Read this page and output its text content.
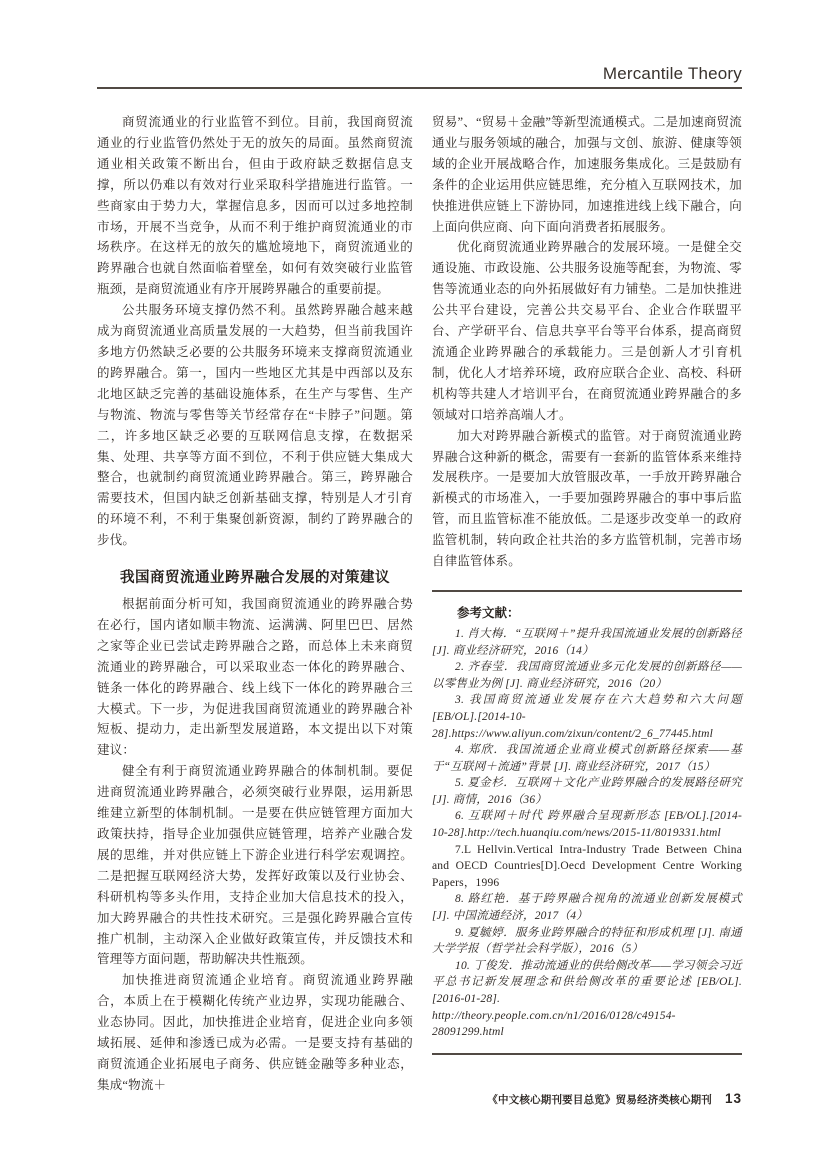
Mercantile Theory

商贸流通业的行业监管不到位。目前，我国商贸流通业的行业监管仍然处于无的放矢的局面。虽然商贸流通业相关政策不断出台，但由于政府缺乏数据信息支撑，所以仍难以有效对行业采取科学措施进行监管。一些商家由于势力大，掌握信息多，因而可以过多地控制市场，开展不当竞争，从而不利于维护商贸流通业的市场秩序。在这样无的放矢的尴尬境地下，商贸流通业的跨界融合也就自然面临着壁垒，如何有效突破行业监管瓶颈，是商贸流通业有序开展跨界融合的重要前提。

公共服务环境支撑仍然不利。虽然跨界融合越来越成为商贸流通业高质量发展的一大趋势，但当前我国许多地方仍然缺乏必要的公共服务环境来支撑商贸流通业的跨界融合。第一，国内一些地区尤其是中西部以及东北地区缺乏完善的基础设施体系，在生产与零售、生产与物流、物流与零售等关节经常存在“卡脖子”问题。第二，许多地区缺乏必要的互联网信息支撑，在数据采集、处理、共享等方面不到位，不利于供应链大集成大整合，也就制约商贸流通业跨界融合。第三，跨界融合需要技术，但国内缺乏创新基础支撑，特别是人才引育的环境不利，不利于集聚创新资源，制约了跨界融合的步伐。

我国商贸流通业跨界融合发展的对策建议

根据前面分析可知，我国商贸流通业的跨界融合势在必行，国内诸如顺丰物流、运满满、阿里巴巴、居然之家等企业已尝试走跨界融合之路，而总体上未来商贸流通业的跨界融合，可以采取业态一体化的跨界融合、链条一体化的跨界融合、线上线下一体化的跨界融合三大模式。下一步，为促进我国商贸流通业的跨界融合补短板、提动力，走出新型发展道路，本文提出以下对策建议：

健全有利于商贸流通业跨界融合的体制机制。要促进商贸流通业跨界融合，必须突破行业界限，运用新思维建立新型的体制机制。一是要在供应链管理方面加大政策扶持，指导企业加强供应链管理，培养产业融合发展的思维，并对供应链上下游企业进行科学宏观调控。二是把握互联网经济大势，发挥好政策以及行业协会、科研机构等多头作用，支持企业加大信息技术的投入，加大跨界融合的共性技术研究。三是强化跨界融合宣传推广机制，主动深入企业做好政策宣传，并反馈技术和管理等方面问题，帮助解决共性瓶颈。

加快推进商贸流通企业培育。商贸流通业跨界融合，本质上在于模糊化传统产业边界，实现功能融合、业态协同。因此，加快推进企业培育，促进企业向多领域拓展、延伸和渗透已成为必需。一是要支持有基础的商贸流通企业拓展电子商务、供应链金融等多种业态，集成“物流＋

贸易”、“贸易＋金融”等新型流通模式。二是加速商贸流通业与服务领域的融合，加强与文创、旅游、健康等领域的企业开展战略合作，加速服务集成化。三是鼓励有条件的企业运用供应链思维，充分植入互联网技术，加快推进供应链上下游协同，加速推进线上线下融合，向上面向供应商、向下面向消费者拓展服务。

优化商贸流通业跨界融合的发展环境。一是健全交通设施、市政设施、公共服务设施等配套，为物流、零售等流通业态的向外拓展做好有力铺垫。二是加快推进公共平台建设，完善公共交易平台、企业合作联盟平台、产学研平台、信息共享平台等平台体系，提高商贸流通企业跨界融合的承载能力。三是创新人才引育机制，优化人才培养环境，政府应联合企业、高校、科研机构等共建人才培训平台，在商贸流通业跨界融合的多领域对口培养高端人才。

加大对跨界融合新模式的监管。对于商贸流通业跨界融合这种新的概念，需要有一套新的监管体系来维持发展秩序。一是要加大放管服改革，一手放开跨界融合新模式的市场准入，一手要加强跨界融合的事中事后监管，而且监管标准不能放低。二是逐步改变单一的政府监管机制，转向政企社共治的多方监管机制，完善市场自律监管体系。

参考文献：

1. 肖大梅．“互联网＋”提升我国流通业发展的创新路径 [J]. 商业经济研究，2016（14）

2. 齐春莹．我国商贸流通业多元化发展的创新路径——以零售业为例 [J]. 商业经济研究，2016（20）

3. 我国商贸流通业发展存在六大趋势和六大问题 [EB/OL].[2014-10-28].https://www.aliyun.com/zixun/content/2_6_77445.html

4. 郑欣．我国流通企业商业模式创新路径探索——基于“互联网＋流通”背景 [J]. 商业经济研究，2017（15）

5. 夏金杉．互联网＋文化产业跨界融合的发展路径研究 [J]. 商情，2016（36）

6. 互联网＋时代 跨界融合呈现新形态 [EB/OL].[2014-10-28].http://tech.huanqiu.com/news/2015-11/8019331.html

7.L Hellvin.Vertical Intra-Industry Trade Between China and OECD Countries[D].Oecd Development Centre Working Papers，1996

8. 路红艳．基于跨界融合视角的流通业创新发展模式 [J]. 中国流通经济，2017（4）

9. 夏毓婷．服务业跨界融合的特征和形成机理 [J]. 南通大学学报（哲学社会科学版），2016（5）

10. 丁俊发．推动流通业的供给侧改革——学习领会习近平总书记新发展理念和供给侧改革的重要论述 [EB/OL].[2016-01-28]. http://theory.people.com.cn/n1/2016/0128/c49154-28091299.html

《中文核心期刊要目总览》贸易经济类核心期刊 13
